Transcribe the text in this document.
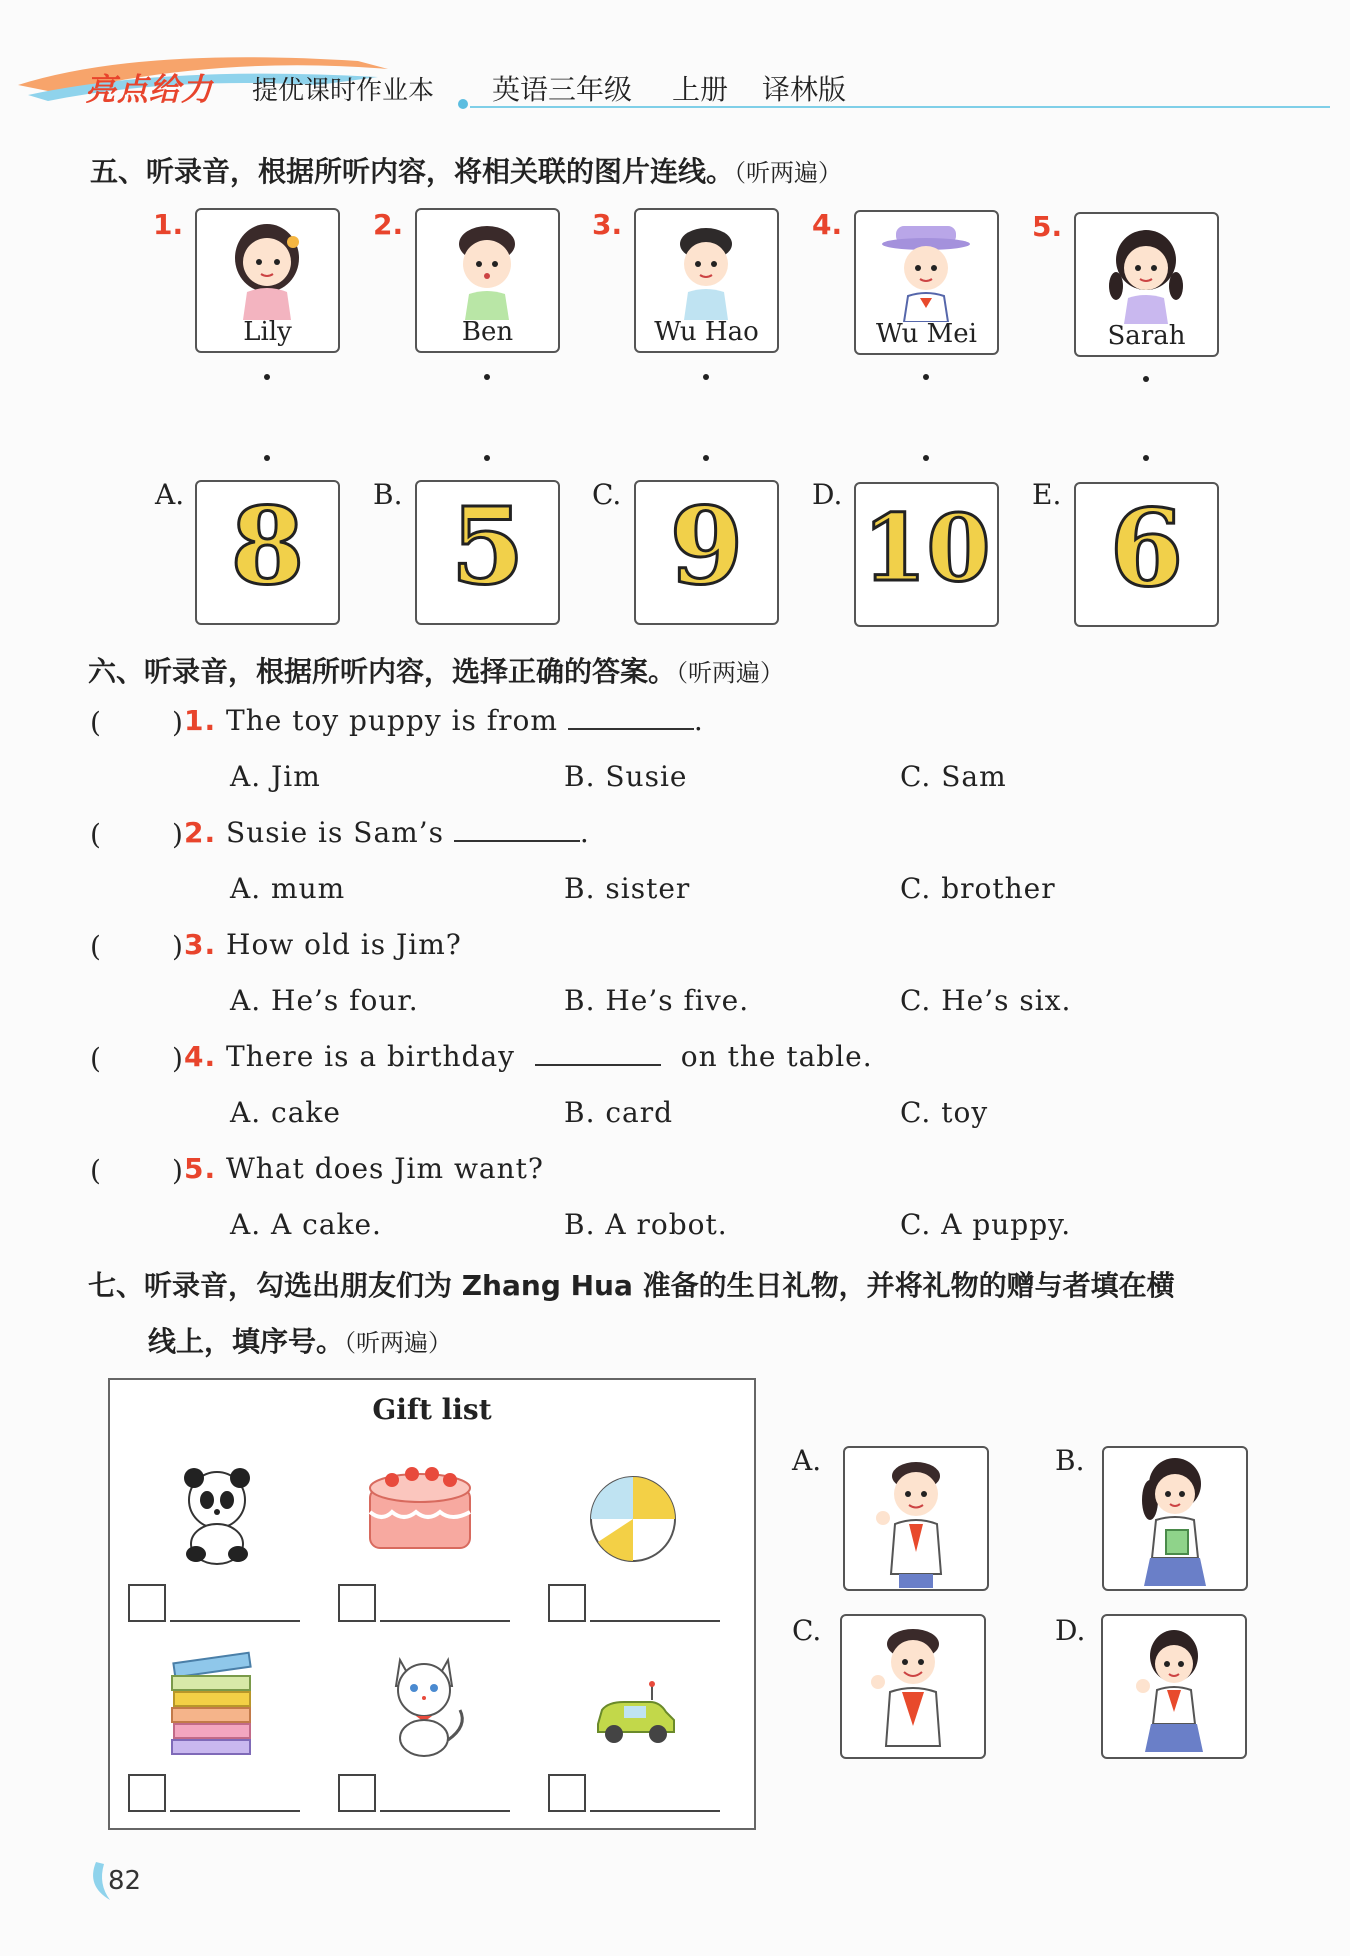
亮点给力 提优课时作业本 英语三年级 上册 译林版
五、听录音，根据所听内容，将相关联的图片连线。（听两遍）
1.
Lily
2.
Ben
3.
Wu Hao
4.
Wu Mei
5.
Sarah
A. 8	B. 5	C. 9	D. 10 E. 6
六、听录音，根据所听内容，选择正确的答案。（听两遍）
(	) 1. The toy puppy is from	.
A. Jim	B. Susie	C. Sam
(	) 2. Susie is Sam’s	.
A. mum	B. sister	C. brother
(	) 3. How old is Jim?
A. He’s four.	B. He’s five.	C. He’s six.
(	) 4. There is a birthday	on the table.
A. cake	B. card	C. toy
(	) 5. What does Jim want?
A. A cake.	B. A robot.	C. A puppy.
七、听录音，勾选出朋友们为 Zhang Hua 准备的生日礼物，并将礼物的赠与者填在横
线上，填序号。（听两遍）
Gift list
A.	B.
C.	D.
82
